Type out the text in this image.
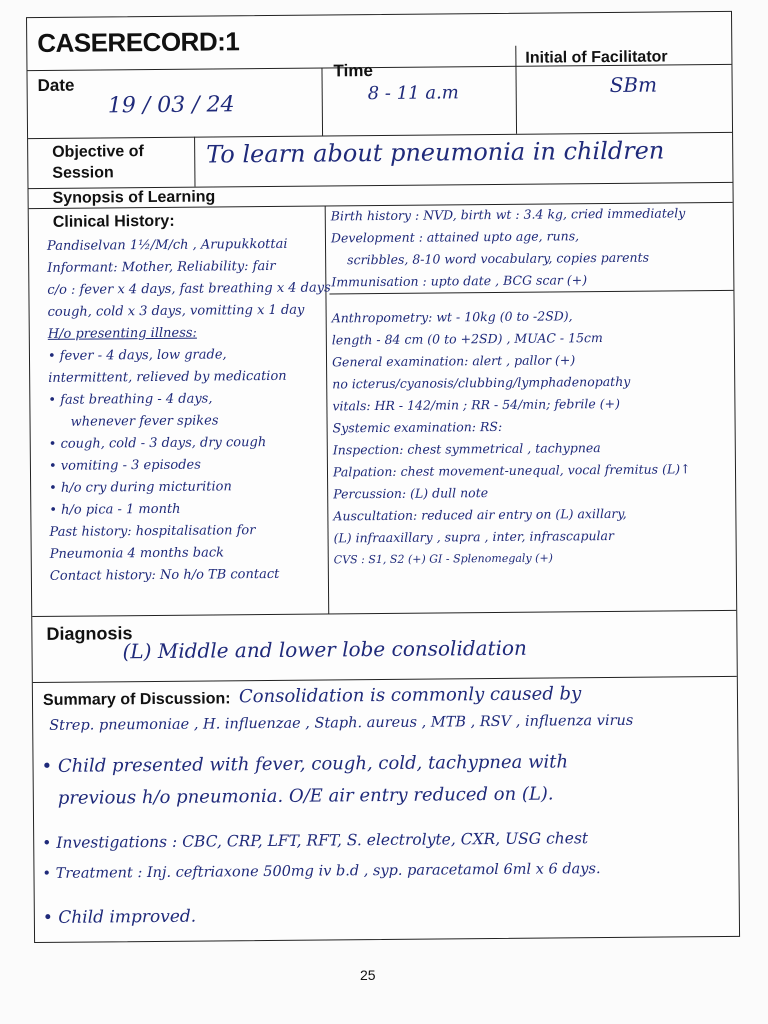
CASERECORD:1
Date
19 / 03 / 24
Time
8 - 11 a.m
Initial of Facilitator
SBm
Objective of
Session
To learn about pneumonia in children
Synopsis of Learning
Clinical History:
Pandiselvan 1½/M/ch , Arupukkottai
Informant: Mother, Reliability: fair
c/o : fever x 4 days, fast breathing x 4 days
cough, cold x 3 days, vomitting x 1 day
H/o presenting illness:
• fever - 4 days, low grade,
intermittent, relieved by medication
• fast breathing - 4 days,
whenever fever spikes
• cough, cold - 3 days, dry cough
• vomiting - 3 episodes
• h/o cry during micturition
• h/o pica - 1 month
Past history: hospitalisation for
Pneumonia 4 months back
Contact history: No h/o TB contact
Birth history : NVD, birth wt : 3.4 kg, cried immediately
Development : attained upto age, runs,
scribbles, 8-10 word vocabulary, copies parents
Immunisation : upto date , BCG scar (+)
Anthropometry: wt - 10kg (0 to -2SD),
length - 84 cm (0 to +2SD) , MUAC - 15cm
General examination: alert , pallor (+)
no icterus/cyanosis/clubbing/lymphadenopathy
vitals: HR - 142/min ; RR - 54/min; febrile (+)
Systemic examination: RS:
Inspection: chest symmetrical , tachypnea
Palpation: chest movement-unequal, vocal fremitus (L)↑
Percussion: (L) dull note
Auscultation: reduced air entry on (L) axillary,
(L) infraaxillary , supra , inter, infrascapular
CVS : S1, S2 (+) GI - Splenomegaly (+)
Diagnosis
(L) Middle and lower lobe consolidation
Summary of Discussion: Consolidation is commonly caused by
Strep. pneumoniae , H. influenzae , Staph. aureus , MTB , RSV , influenza virus
• Child presented with fever, cough, cold, tachypnea with
previous h/o pneumonia. O/E air entry reduced on (L).
• Investigations : CBC, CRP, LFT, RFT, S. electrolyte, CXR, USG chest
• Treatment : Inj. ceftriaxone 500mg iv b.d , syp. paracetamol 6ml x 6 days.
• Child improved.
25
